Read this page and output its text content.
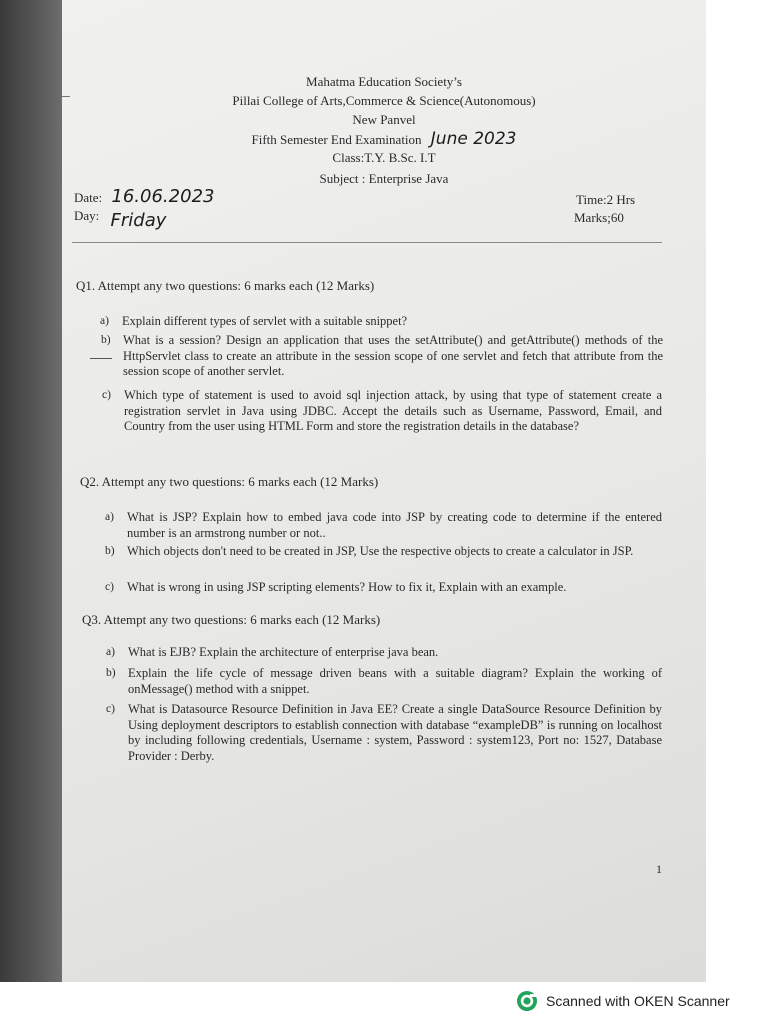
Mahatma Education Society’s
Pillai College of Arts,Commerce & Science(Autonomous)
New Panvel
Fifth Semester End Examination June 2023
Class:T.Y. B.Sc. I.T
Subject : Enterprise Java
Date: 16.06.2023
Day: Friday
Time:2 Hrs
Marks;60
Q1. Attempt any two questions: 6 marks each (12 Marks)
a) Explain different types of servlet with a suitable snippet?
b) What is a session? Design an application that uses the setAttribute() and getAttribute() methods of the HttpServlet class to create an attribute in the session scope of one servlet and fetch that attribute from the session scope of another servlet.
c) Which type of statement is used to avoid sql injection attack, by using that type of statement create a registration servlet in Java using JDBC. Accept the details such as Username, Password, Email, and Country from the user using HTML Form and store the registration details in the database?
Q2. Attempt any two questions: 6 marks each (12 Marks)
a) What is JSP? Explain how to embed java code into JSP by creating code to determine if the entered number is an armstrong number or not..
b) Which objects don't need to be created in JSP, Use the respective objects to create a calculator in JSP.
c) What is wrong in using JSP scripting elements? How to fix it, Explain with an example.
Q3. Attempt any two questions: 6 marks each (12 Marks)
a) What is EJB? Explain the architecture of enterprise java bean.
b) Explain the life cycle of message driven beans with a suitable diagram? Explain the working of onMessage() method with a snippet.
c) What is Datasource Resource Definition in Java EE? Create a single DataSource Resource Definition by Using deployment descriptors to establish connection with database “exampleDB” is running on localhost by including following credentials, Username : system, Password : system123, Port no: 1527, Database Provider : Derby.
1
Scanned with OKEN Scanner
